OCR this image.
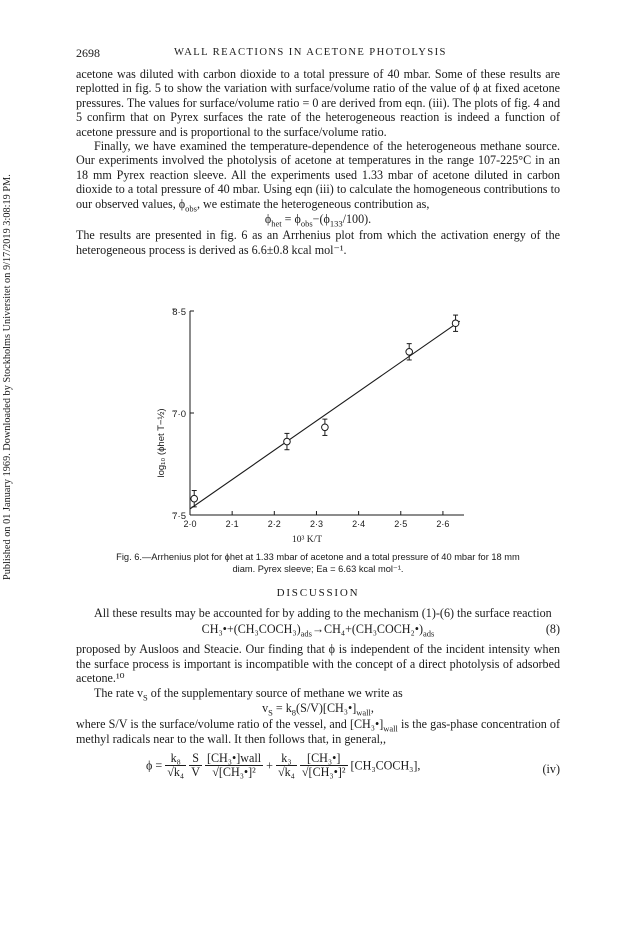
Published on 01 January 1969. Downloaded by Stockholms Universitet on 9/17/2019 3:08:19 PM.
2698	WALL REACTIONS IN ACETONE PHOTOLYSIS

acetone was diluted with carbon dioxide to a total pressure of 40 mbar. Some of these results are replotted in fig. 5 to show the variation with surface/volume ratio of the value of ϕ at fixed acetone pressures. The values for surface/volume ratio = 0 are derived from eqn. (iii). The plots of fig. 4 and 5 confirm that on Pyrex surfaces the rate of the heterogeneous reaction is indeed a function of acetone pressure and is proportional to the surface/volume ratio.

Finally, we have examined the temperature-dependence of the heterogeneous methane source. Our experiments involved the photolysis of acetone at temperatures in the range 107-225°C in an 18 mm Pyrex reaction sleeve. All the experiments used 1.33 mbar of acetone diluted in carbon dioxide to a total pressure of 40 mbar. Using eqn (iii) to calculate the homogeneous contributions to our observed values, $\phi_{obs}$, we estimate the heterogeneous contribution as,

$\phi_{het} = \phi_{obs}-(\phi_{133}/100)$.

The results are presented in fig. 6 as an Arrhenius plot from which the activation energy of the heterogeneous process is derived as 6.6±0.8 kcal mol⁻¹.

2·0	2·1	2·2	2·3	2·4	2·5	2·6
̃7·5
̃7·0
̃8·5
10³ K/T
log₁₀ (ϕhet T−½)
Fig. 6.—Arrhenius plot for ϕhet at 1.33 mbar of acetone and a total pressure of 40 mbar for 18 mm
diam. Pyrex sleeve; Ea = 6.63 kcal mol⁻¹.
DISCUSSION

All these results may be accounted for by adding to the mechanism (1)-(6) the surface reaction

$CH_3•+(CH_3COCH_3)_{ads}\to CH_4+(CH_3COCH_2•)_{ads}$	(8)

proposed by Ausloos and Steacie. Our finding that ϕ is independent of the incident intensity when the surface process is important is incompatible with the concept of a direct photolysis of adsorbed acetone.¹⁰

The rate $v_S$ of the supplementary source of methane we write as

$v_S$ = $k_8(S/V)[CH_3•]_{wall}$,

where S/V is the surface/volume ratio of the vessel, and $[CH_3•]_{wall}$ is the gas-phase concentration of methyl radicals near to the wall. It then follows that, in general,,

$\phi = \frac{\text{k₈}}{\text{√k₄}}$
$\frac{S}{V}$
$\frac{\text{[CH₃•]wall}}{\text{√[CH₃•]²}} + \frac{\text{k₃}}{\text{√k₄}}$
$\frac{\text{[CH₃•]}}{\text{√[CH₃•]²}}$ [CH₃COCH₃],	(iv)
